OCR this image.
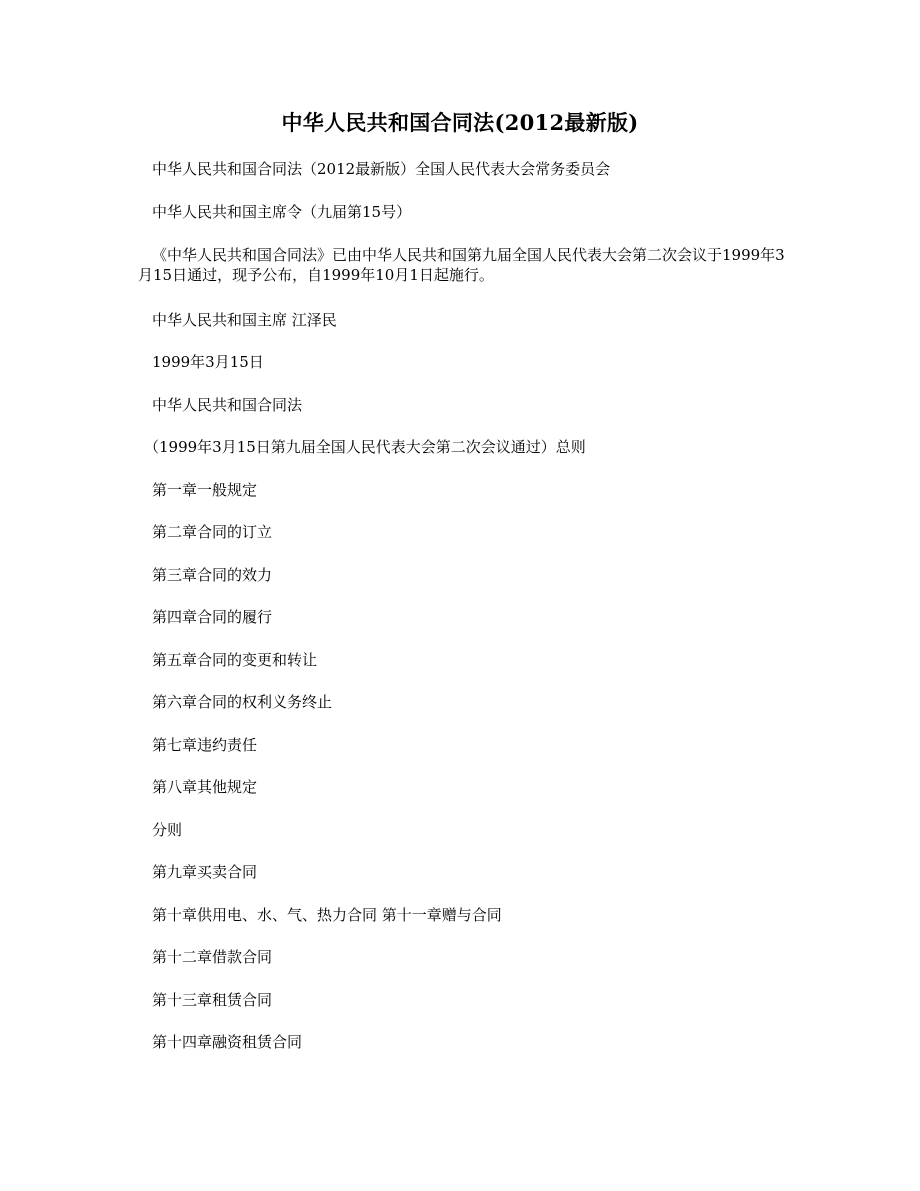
中华人民共和国合同法(2012最新版)
中华人民共和国合同法（2012最新版）全国人民代表大会常务委员会
中华人民共和国主席令（九届第15号）
《中华人民共和国合同法》已由中华人民共和国第九届全国人民代表大会第二次会议于1999年3月15日通过，现予公布，自1999年10月1日起施行。
中华人民共和国主席 江泽民
1999年3月15日
中华人民共和国合同法
（1999年3月15日第九届全国人民代表大会第二次会议通过）总则
第一章一般规定
第二章合同的订立
第三章合同的效力
第四章合同的履行
第五章合同的变更和转让
第六章合同的权利义务终止
第七章违约责任
第八章其他规定
分则
第九章买卖合同
第十章供用电、水、气、热力合同 第十一章赠与合同
第十二章借款合同
第十三章租赁合同
第十四章融资租赁合同
